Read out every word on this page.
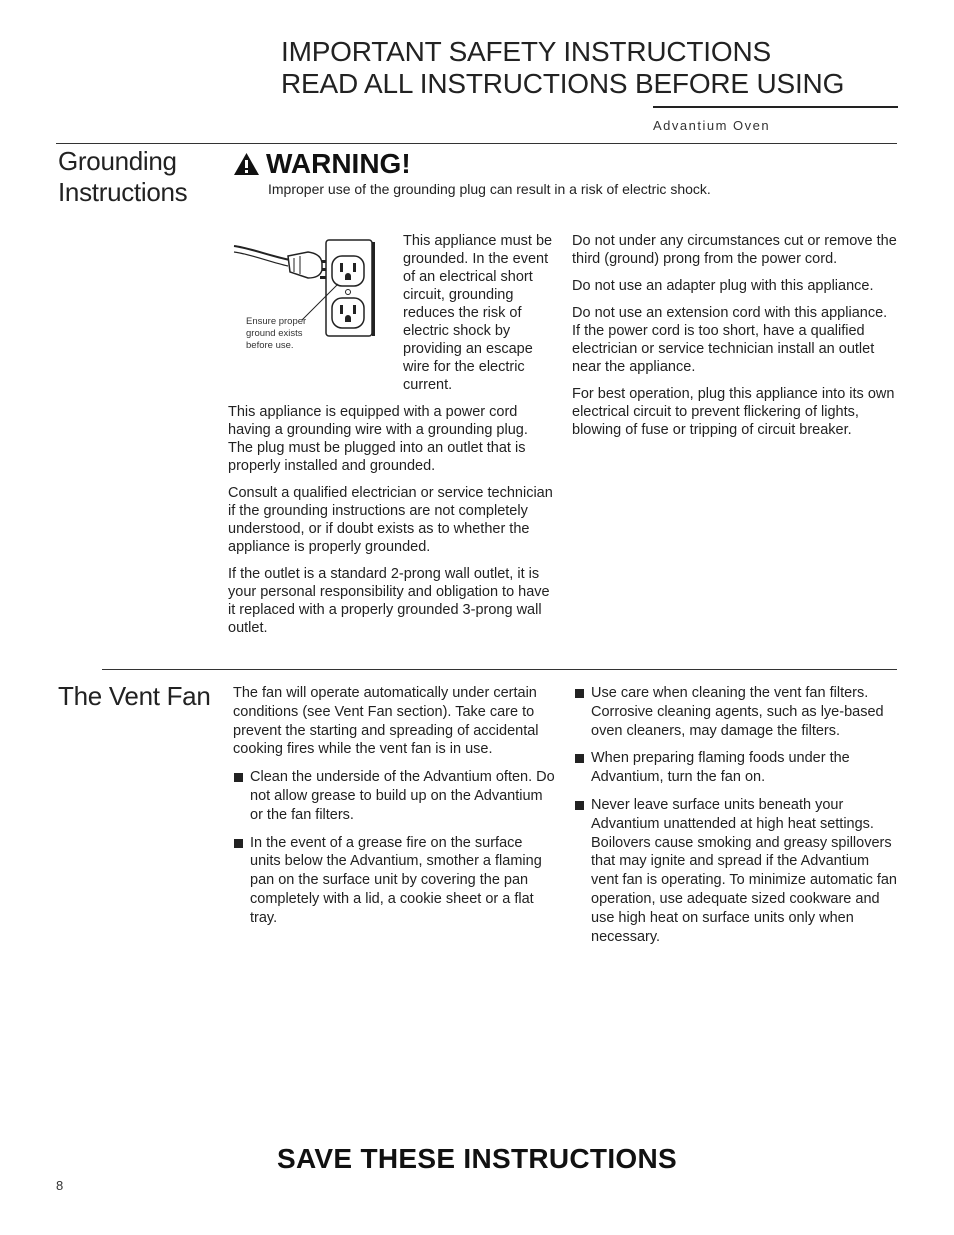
IMPORTANT SAFETY INSTRUCTIONS
READ ALL INSTRUCTIONS BEFORE USING
Advantium Oven
Grounding
Instructions
WARNING!
Improper use of the grounding plug can result in a risk of electric shock.
Ensure proper ground exists before use.
This appliance must be grounded. In the event of an electrical short circuit, grounding reduces the risk of electric shock by providing an escape wire for the electric current.

This appliance is equipped with a power cord having a grounding wire with a grounding plug. The plug must be plugged into an outlet that is properly installed and grounded.

Consult a qualified electrician or service technician if the grounding instructions are not completely understood, or if doubt exists as to whether the appliance is properly grounded.

If the outlet is a standard 2-prong wall outlet, it is your personal responsibility and obligation to have it replaced with a properly grounded 3-prong wall outlet.

Do not under any circumstances cut or remove the third (ground) prong from the power cord.

Do not use an adapter plug with this appliance.

Do not use an extension cord with this appliance. If the power cord is too short, have a qualified electrician or service technician install an outlet near the appliance.

For best operation, plug this appliance into its own electrical circuit to prevent flickering of lights, blowing of fuse or tripping of circuit breaker.

The Vent Fan The fan will operate automatically under certain conditions (see Vent Fan section). Take care to prevent the starting and spreading of accidental cooking fires while the vent fan is in use.

Clean the underside of the Advantium often. Do not allow grease to build up on the Advantium or the fan filters.
In the event of a grease fire on the surface units below the Advantium, smother a flaming pan on the surface unit by covering the pan completely with a lid, a cookie sheet or a flat tray.
Use care when cleaning the vent fan filters. Corrosive cleaning agents, such as lye-based oven cleaners, may damage the filters.
When preparing flaming foods under the Advantium, turn the fan on.
Never leave surface units beneath your Advantium unattended at high heat settings. Boilovers cause smoking and greasy spillovers that may ignite and spread if the Advantium vent fan is operating. To minimize automatic fan operation, use adequate sized cookware and use high heat on surface units only when necessary.
SAVE THESE INSTRUCTIONS
8
